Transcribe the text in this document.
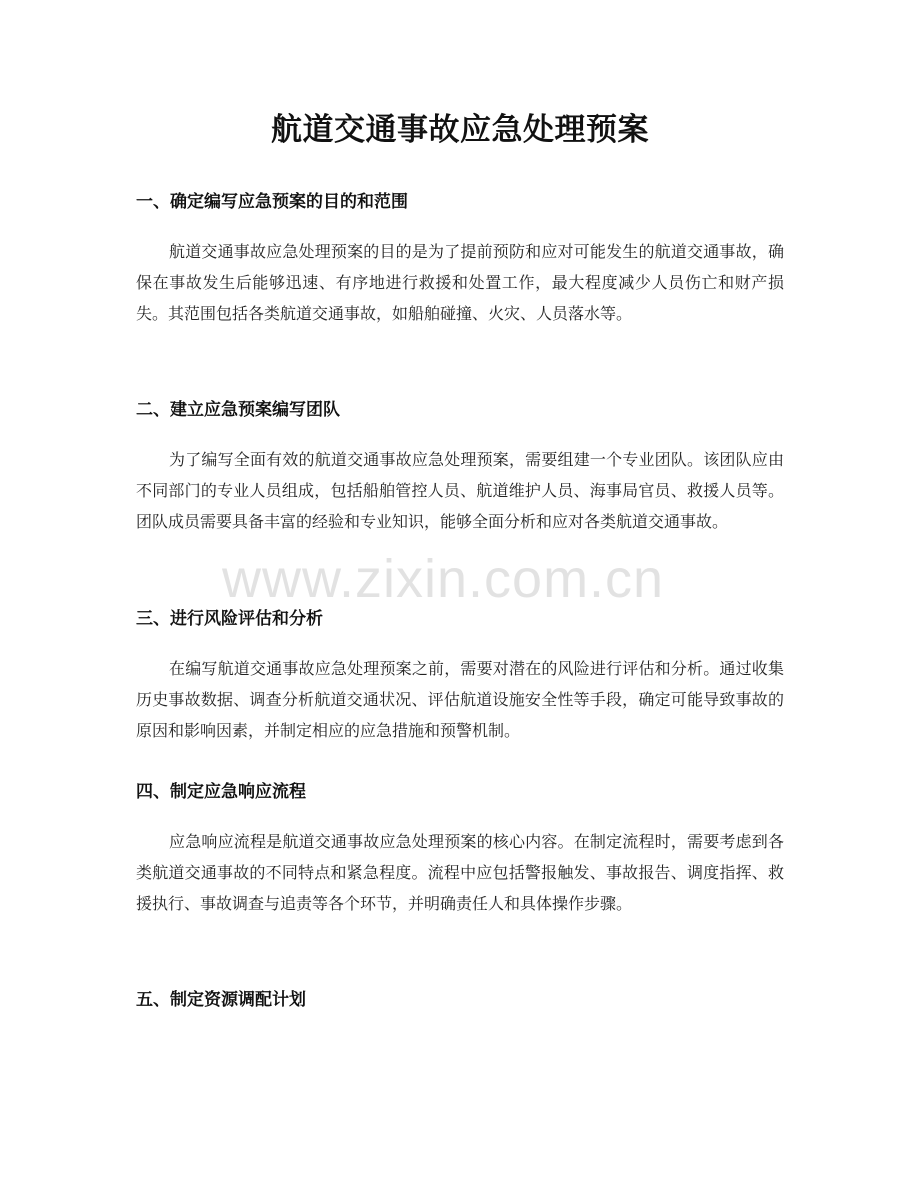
航道交通事故应急处理预案
一、确定编写应急预案的目的和范围

航道交通事故应急处理预案的目的是为了提前预防和应对可能发生的航道交通事故，确保在事故发生后能够迅速、有序地进行救援和处置工作，最大程度减少人员伤亡和财产损失。其范围包括各类航道交通事故，如船舶碰撞、火灾、人员落水等。

二、建立应急预案编写团队

为了编写全面有效的航道交通事故应急处理预案，需要组建一个专业团队。该团队应由不同部门的专业人员组成，包括船舶管控人员、航道维护人员、海事局官员、救援人员等。团队成员需要具备丰富的经验和专业知识，能够全面分析和应对各类航道交通事故。

三、进行风险评估和分析

在编写航道交通事故应急处理预案之前，需要对潜在的风险进行评估和分析。通过收集历史事故数据、调查分析航道交通状况、评估航道设施安全性等手段，确定可能导致事故的原因和影响因素，并制定相应的应急措施和预警机制。

四、制定应急响应流程

应急响应流程是航道交通事故应急处理预案的核心内容。在制定流程时，需要考虑到各类航道交通事故的不同特点和紧急程度。流程中应包括警报触发、事故报告、调度指挥、救援执行、事故调查与追责等各个环节，并明确责任人和具体操作步骤。

五、制定资源调配计划
www.zixin.com.cn
